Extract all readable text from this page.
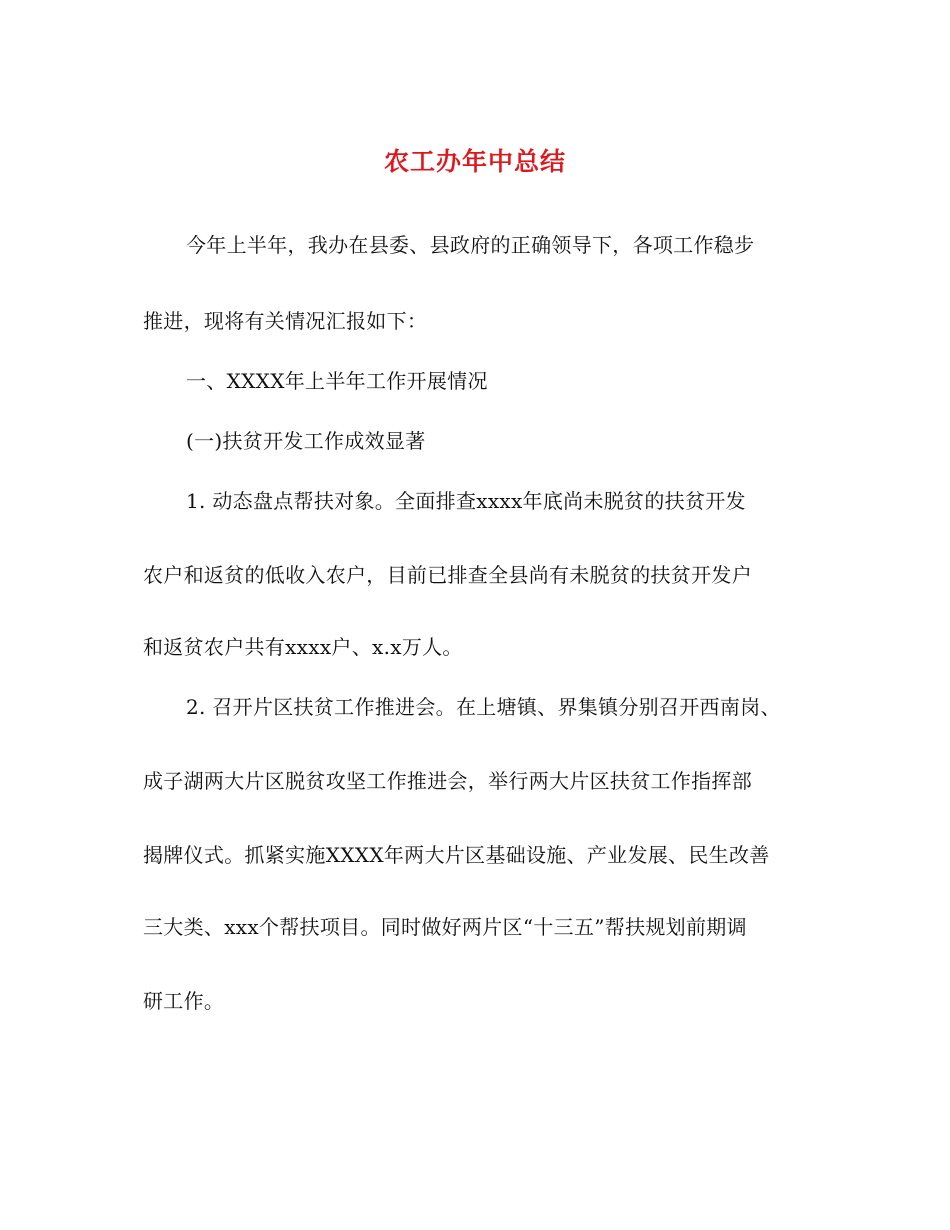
农工办年中总结
今年上半年，我办在县委、县政府的正确领导下，各项工作稳步
推进，现将有关情况汇报如下：
一、XXXX年上半年工作开展情况
(一)扶贫开发工作成效显著
1. 动态盘点帮扶对象。全面排查xxxx年底尚未脱贫的扶贫开发
农户和返贫的低收入农户，目前已排查全县尚有未脱贫的扶贫开发户
和返贫农户共有xxxx户、x.x万人。
2. 召开片区扶贫工作推进会。在上塘镇、界集镇分别召开西南岗、
成子湖两大片区脱贫攻坚工作推进会，举行两大片区扶贫工作指挥部
揭牌仪式。抓紧实施XXXX年两大片区基础设施、产业发展、民生改善
三大类、xxx个帮扶项目。同时做好两片区“十三五”帮扶规划前期调
研工作。
